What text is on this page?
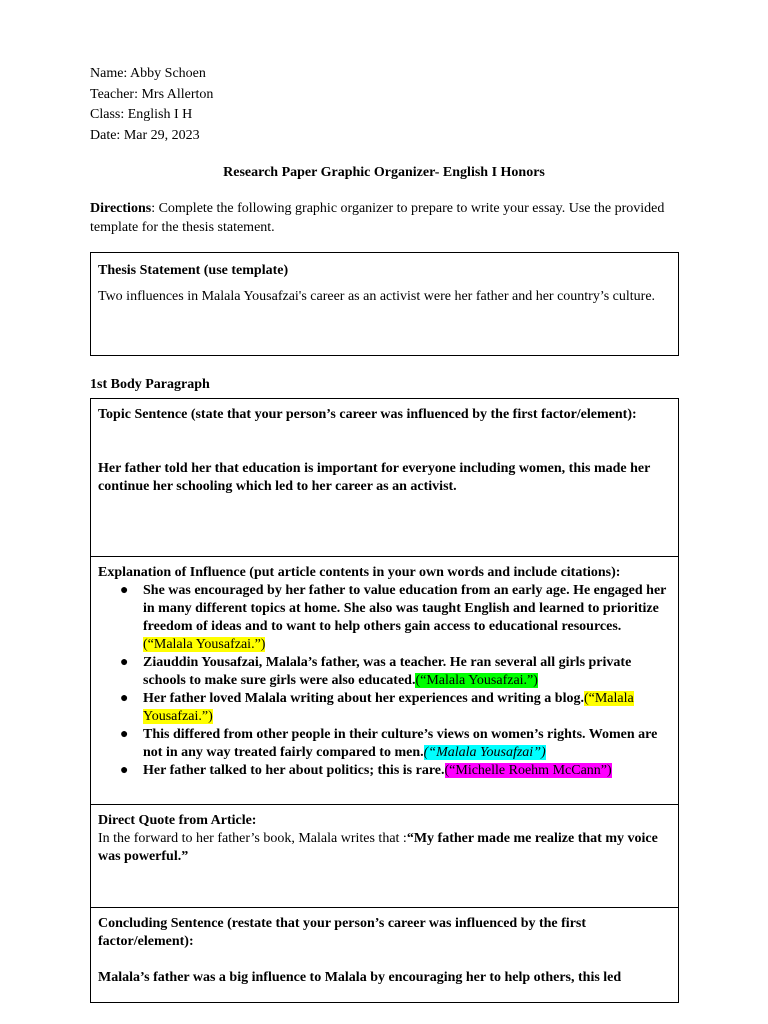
Name: Abby Schoen
Teacher: Mrs Allerton
Class: English I H
Date: Mar 29, 2023
Research Paper Graphic Organizer- English I Honors
Directions: Complete the following graphic organizer to prepare to write your essay. Use the provided template for the thesis statement.
Thesis Statement (use template)
Two influences in Malala Yousafzai's career as an activist were her father and her country’s culture.
1st Body Paragraph
Topic Sentence (state that your person’s career was influenced by the first factor/element):
Her father told her that education is important for everyone including women, this made her continue her schooling which led to her career as an activist.
Explanation of Influence (put article contents in your own words and include citations):
● She was encouraged by her father to value education from an early age. He engaged her in many different topics at home. She also was taught English and learned to prioritize freedom of ideas and to want to help others gain access to educational resources. (“Malala Yousafzai.”)
● Ziauddin Yousafzai, Malala’s father, was a teacher. He ran several all girls private schools to make sure girls were also educated.(“Malala Yousafzai.”)
● Her father loved Malala writing about her experiences and writing a blog.(“Malala Yousafzai.”)
● This differed from other people in their culture’s views on women’s rights. Women are not in any way treated fairly compared to men.(“Malala Yousafzai”)
● Her father talked to her about politics; this is rare.(“Michelle Roehm McCann”)
Direct Quote from Article:
In the forward to her father’s book, Malala writes that :“My father made me realize that my voice was powerful.”
Concluding Sentence (restate that your person’s career was influenced by the first factor/element):
Malala’s father was a big influence to Malala by encouraging her to help others, this led
